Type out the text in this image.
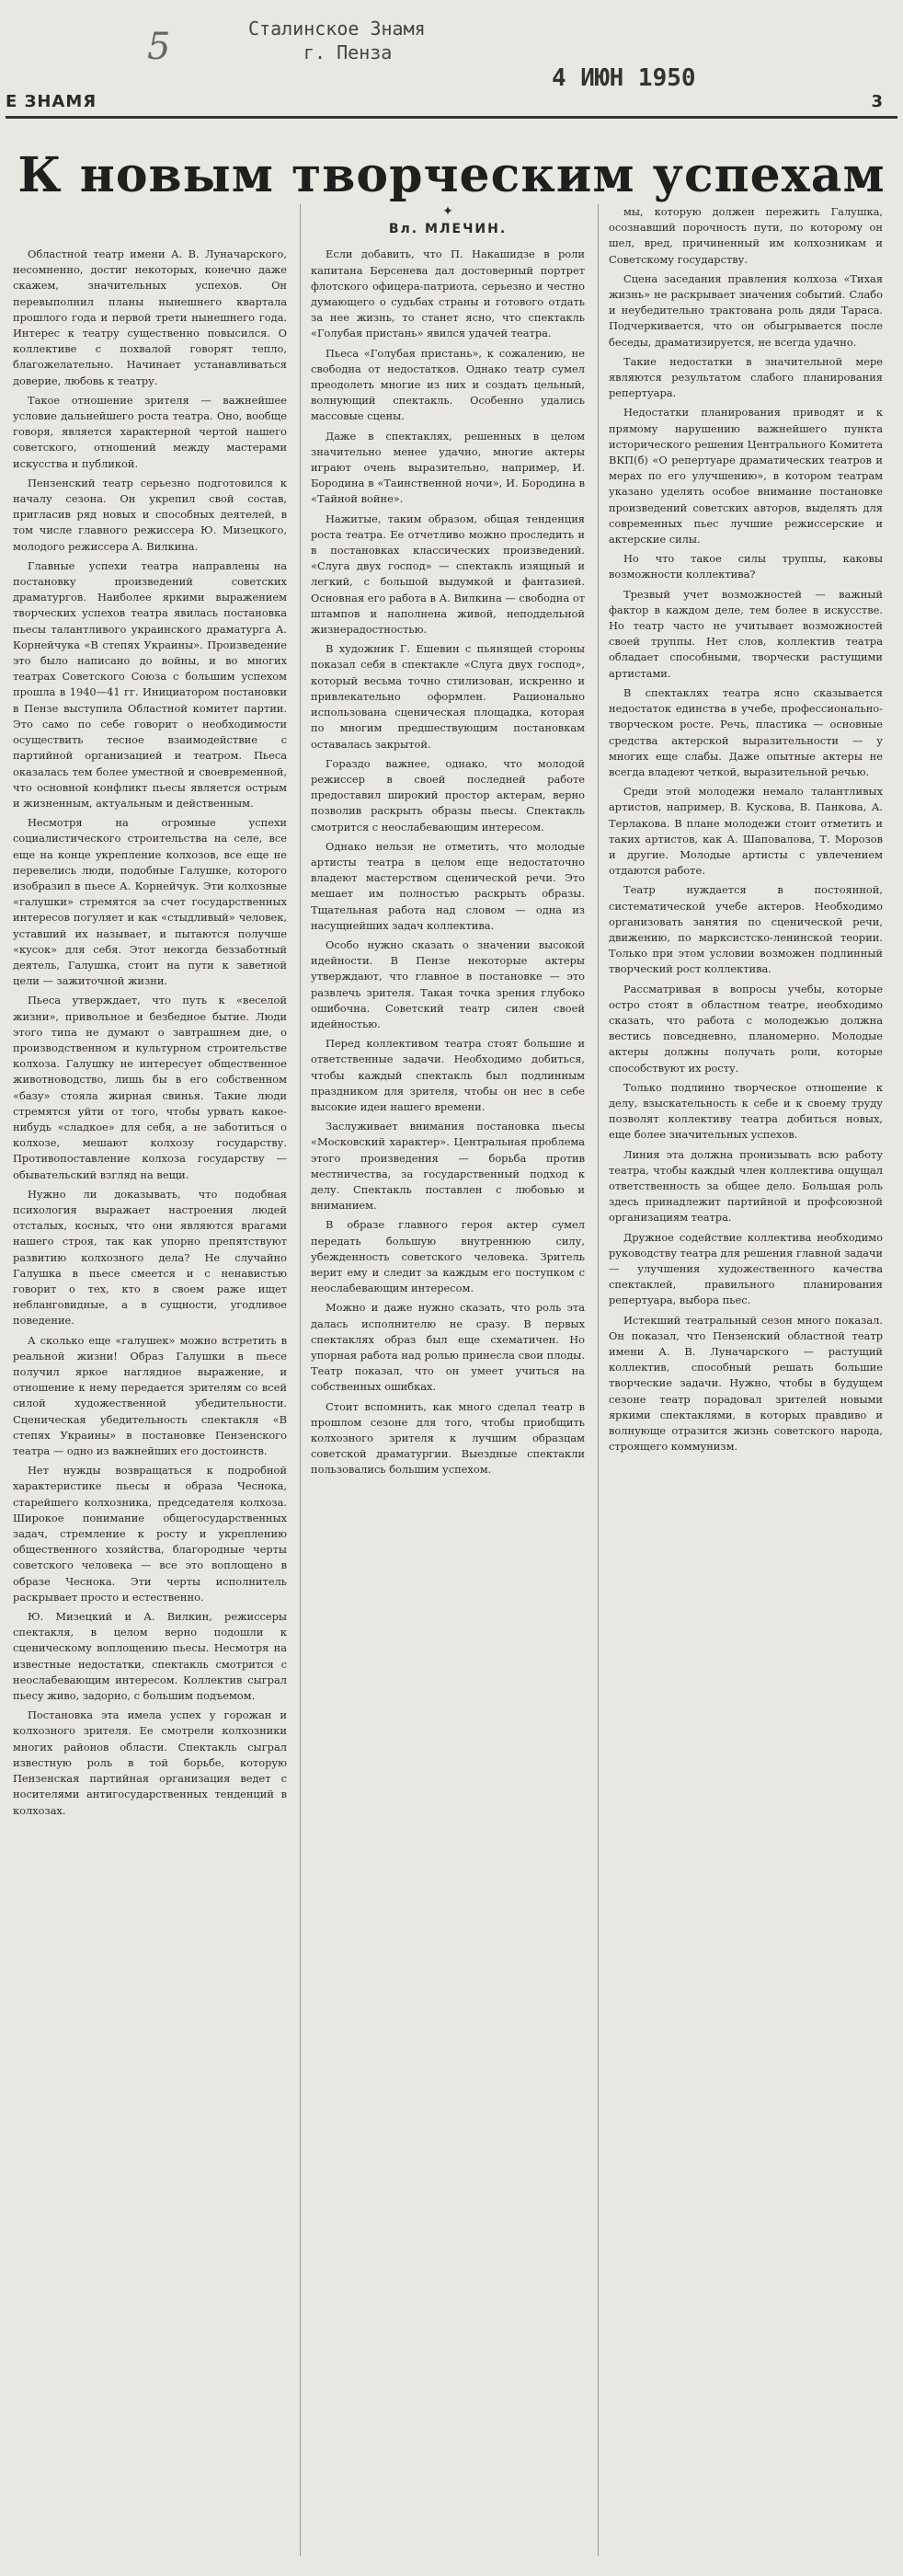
Сталинское Знамя
г. Пенза
5
4 ИЮН 1950
Е ЗНАМЯ	3
К новым творческим успехам

Областной театр имени А. В. Луначарского, несомненно, достиг некоторых, конечно даже скажем, значительных успехов. Он перевыполнил планы нынешнего квартала прошлого года и первой трети нынешнего года. Интерес к театру существенно повысился. О коллективе с похвалой говорят тепло, благожелательно. Начинает устанавливаться доверие, любовь к театру.

Такое отношение зрителя — важнейшее условие дальнейшего роста театра. Оно, вообще говоря, является характерной чертой нашего советского, отношений между мастерами искусства и публикой.

Пензенский театр серьезно подготовился к началу сезона. Он укрепил свой состав, пригласив ряд новых и способных деятелей, в том числе главного режиссера Ю. Мизецкого, молодого режиссера А. Вилкина.

Главные успехи театра направлены на постановку произведений советских драматургов. Наиболее яркими выражением творческих успехов театра явилась постановка пьесы талантливого украинского драматурга А. Корнейчука «В степях Украины». Произведение это было написано до войны, и во многих театрах Советского Союза с большим успехом прошла в 1940—41 гг. Инициатором постановки в Пензе выступила Областной комитет партии. Это само по себе говорит о необходимости осуществить тесное взаимодействие с партийной организацией и театром. Пьеса оказалась тем более уместной и своевременной, что основной конфликт пьесы является острым и жизненным, актуальным и действенным.

Несмотря на огромные успехи социалистического строительства на селе, все еще на конце укрепление колхозов, все еще не перевелись люди, подобные Галушке, которого изобразил в пьесе А. Корнейчук. Эти колхозные «галушки» стремятся за счет государственных интересов погуляет и как «стыдливый» человек, уставший их называет, и пытаются получше «кусок» для себя. Этот некогда беззаботный деятель, Галушка, стоит на пути к заветной цели — зажиточной жизни.

Пьеса утверждает, что путь к «веселой жизни», привольное и безбедное бытие. Люди этого типа не думают о завтрашнем дне, о производственном и культурном строительстве колхоза. Галушку не интересует общественное животноводство, лишь бы в его собственном «базу» стояла жирная свинья. Такие люди стремятся уйти от того, чтобы урвать какое-нибудь «сладкое» для себя, а не заботиться о колхозе, мешают колхозу государству. Противопоставление колхоза государству — обывательский взгляд на вещи.

Нужно ли доказывать, что подобная психология выражает настроения людей отсталых, косных, что они являются врагами нашего строя, так как упорно препятствуют развитию колхозного дела? Не случайно Галушка в пьесе смеется и с ненавистью говорит о тех, кто в своем раже ищет небланговидные, а в сущности, угодливое поведение.

А сколько еще «галушек» можно встретить в реальной жизни! Образ Галушки в пьесе получил яркое наглядное выражение, и отношение к нему передается зрителям со всей силой художественной убедительности. Сценическая убедительность спектакля «В степях Украины» в постановке Пензенского театра — одно из важнейших его достоинств.

Нет нужды возвращаться к подробной характеристике пьесы и образа Чеснока, старейшего колхозника, председателя колхоза. Широкое понимание общегосударственных задач, стремление к росту и укреплению общественного хозяйства, благородные черты советского человека — все это воплощено в образе Чеснока. Эти черты исполнитель раскрывает просто и естественно.

Ю. Мизецкий и А. Вилкин, режиссеры спектакля, в целом верно подошли к сценическому воплощению пьесы. Несмотря на известные недостатки, спектакль смотрится с неослабевающим интересом. Коллектив сыграл пьесу живо, задорно, с большим подъемом.

Постановка эта имела успех у горожан и колхозного зрителя. Ее смотрели колхозники многих районов области. Спектакль сыграл известную роль в той борьбе, которую Пензенская партийная организация ведет с носителями антигосударственных тенденций в колхозах.

✦
Вл. МЛЕЧИН.

Если добавить, что П. Накашидзе в роли капитана Берсенева дал достоверный портрет флотского офицера-патриота, серьезно и честно думающего о судьбах страны и готового отдать за нее жизнь, то станет ясно, что спектакль «Голубая пристань» явился удачей театра.

Пьеса «Голубая пристань», к сожалению, не свободна от недостатков. Однако театр сумел преодолеть многие из них и создать цельный, волнующий спектакль. Особенно удались массовые сцены.

Даже в спектаклях, решенных в целом значительно менее удачно, многие актеры играют очень выразительно, например, И. Бородина в «Таинственной ночи», И. Бородина в «Тайной войне».

Нажитые, таким образом, общая тенденция роста театра. Ее отчетливо можно проследить и в постановках классических произведений. «Слуга двух господ» — спектакль изящный и легкий, с большой выдумкой и фантазией. Основная его работа в А. Вилкина — свободна от штампов и наполнена живой, неподдельной жизнерадостностью.

В художник Г. Ешевин с пьянящей стороны показал себя в спектакле «Слуга двух господ», который весьма точно стилизован, искренно и привлекательно оформлен. Рационально использована сценическая площадка, которая по многим предшествующим постановкам оставалась закрытой.

Гораздо важнее, однако, что молодой режиссер в своей последней работе предоставил широкий простор актерам, верно позволив раскрыть образы пьесы. Спектакль смотрится с неослабевающим интересом.

Однако нельзя не отметить, что молодые артисты театра в целом еще недостаточно владеют мастерством сценической речи. Это мешает им полностью раскрыть образы. Тщательная работа над словом — одна из насущнейших задач коллектива.

Особо нужно сказать о значении высокой идейности. В Пензе некоторые актеры утверждают, что главное в постановке — это развлечь зрителя. Такая точка зрения глубоко ошибочна. Советский театр силен своей идейностью.

Перед коллективом театра стоят большие и ответственные задачи. Необходимо добиться, чтобы каждый спектакль был подлинным праздником для зрителя, чтобы он нес в себе высокие идеи нашего времени.

Заслуживает внимания постановка пьесы «Московский характер». Центральная проблема этого произведения — борьба против местничества, за государственный подход к делу. Спектакль поставлен с любовью и вниманием.

В образе главного героя актер сумел передать большую внутреннюю силу, убежденность советского человека. Зритель верит ему и следит за каждым его поступком с неослабевающим интересом.

Можно и даже нужно сказать, что роль эта далась исполнителю не сразу. В первых спектаклях образ был еще схематичен. Но упорная работа над ролью принесла свои плоды. Театр показал, что он умеет учиться на собственных ошибках.

Стоит вспомнить, как много сделал театр в прошлом сезоне для того, чтобы приобщить колхозного зрителя к лучшим образцам советской драматургии. Выездные спектакли пользовались большим успехом.

мы, которую должен пережить Галушка, осознавший порочность пути, по которому он шел, вред, причиненный им колхозникам и Советскому государству.

Сцена заседания правления колхоза «Тихая жизнь» не раскрывает значения событий. Слабо и неубедительно трактована роль дяди Тараса. Подчеркивается, что он обыгрывается после беседы, драматизируется, не всегда удачно.

Такие недостатки в значительной мере являются результатом слабого планирования репертуара.

Недостатки планирования приводят и к прямому нарушению важнейшего пункта исторического решения Центрального Комитета ВКП(б) «О репертуаре драматических театров и мерах по его улучшению», в котором театрам указано уделять особое внимание постановке произведений советских авторов, выделять для современных пьес лучшие режиссерские и актерские силы.

Но что такое силы труппы, каковы возможности коллектива?

Трезвый учет возможностей — важный фактор в каждом деле, тем более в искусстве. Но театр часто не учитывает возможностей своей труппы. Нет слов, коллектив театра обладает способными, творчески растущими артистами.

В спектаклях театра ясно сказывается недостаток единства в учебе, профессионально-творческом росте. Речь, пластика — основные средства актерской выразительности — у многих еще слабы. Даже опытные актеры не всегда владеют четкой, выразительной речью.

Среди этой молодежи немало талантливых артистов, например, В. Кускова, В. Панкова, А. Терлакова. В плане молодежи стоит отметить и таких артистов, как А. Шаповалова, Т. Морозов и другие. Молодые артисты с увлечением отдаются работе.

Театр нуждается в постоянной, систематической учебе актеров. Необходимо организовать занятия по сценической речи, движению, по марксистско-ленинской теории. Только при этом условии возможен подлинный творческий рост коллектива.

Рассматривая в вопросы учебы, которые остро стоят в областном театре, необходимо сказать, что работа с молодежью должна вестись повседневно, планомерно. Молодые актеры должны получать роли, которые способствуют их росту.

Только подлинно творческое отношение к делу, взыскательность к себе и к своему труду позволят коллективу театра добиться новых, еще более значительных успехов.

Линия эта должна пронизывать всю работу театра, чтобы каждый член коллектива ощущал ответственность за общее дело. Большая роль здесь принадлежит партийной и профсоюзной организациям театра.

Дружное содействие коллектива необходимо руководству театра для решения главной задачи — улучшения художественного качества спектаклей, правильного планирования репертуара, выбора пьес.

Истекший театральный сезон много показал. Он показал, что Пензенский областной театр имени А. В. Луначарского — растущий коллектив, способный решать большие творческие задачи. Нужно, чтобы в будущем сезоне театр порадовал зрителей новыми яркими спектаклями, в которых правдиво и волнующе отразится жизнь советского народа, строящего коммунизм.
